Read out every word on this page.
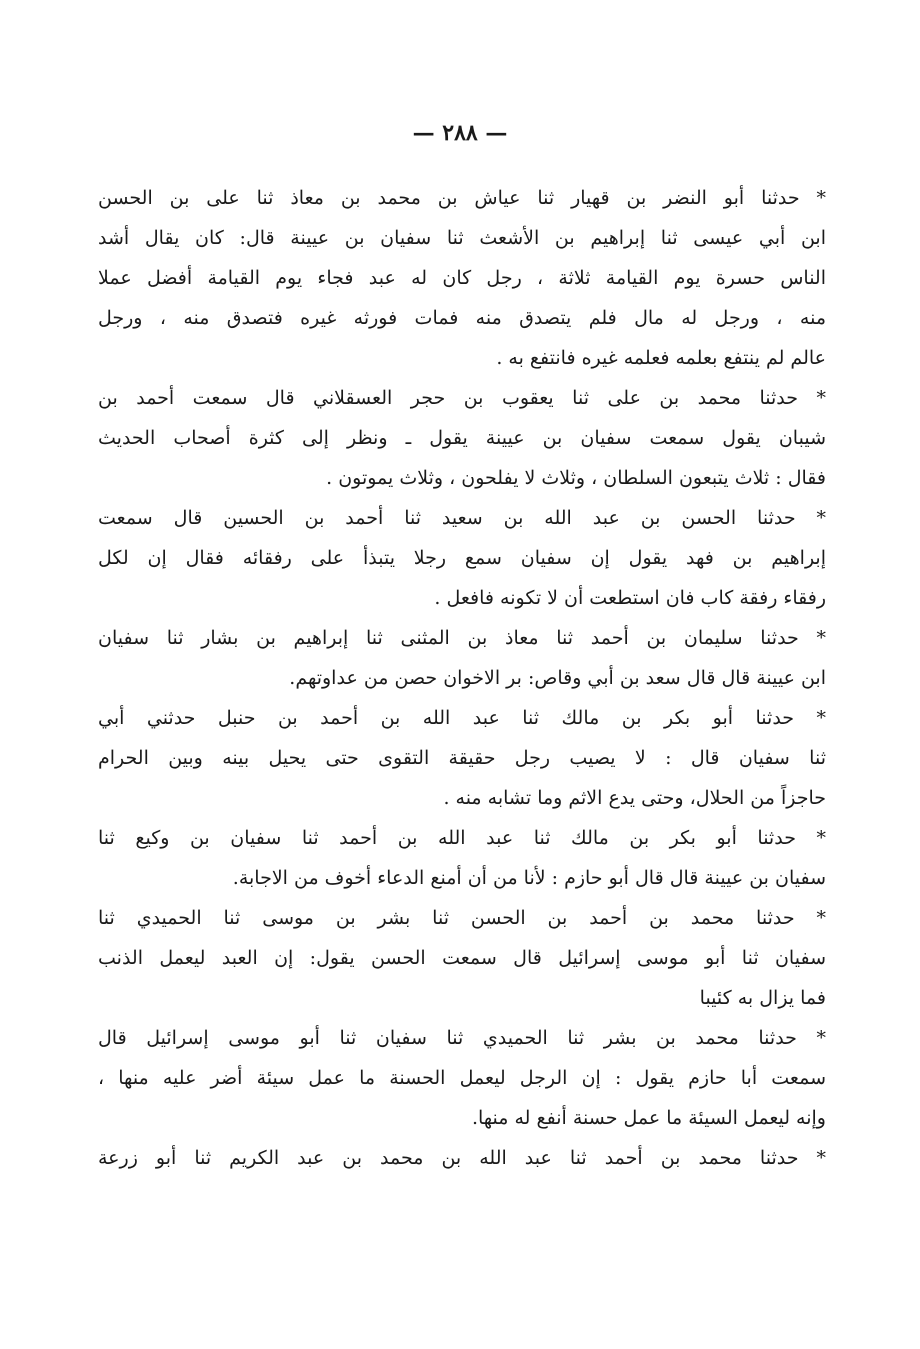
— ٢٨٨ —
* حدثنا أبو النضر بن قهيار ثنا عياش بن محمد بن معاذ ثنا على بن الحسن
ابن أبي عيسى ثنا إبراهيم بن الأشعث ثنا سفيان بن عيينة قال: كان يقال أشد
الناس حسرة يوم القيامة ثلاثة ، رجل كان له عبد فجاء يوم القيامة أفضل عملا
منه ، ورجل له مال فلم يتصدق منه فمات فورثه غيره فتصدق منه ، ورجل
عالم لم ينتفع بعلمه فعلمه غيره فانتفع به .
* حدثنا محمد بن على ثنا يعقوب بن حجر العسقلاني قال سمعت أحمد بن
شيبان يقول سمعت سفيان بن عيينة يقول ـ ونظر إلى كثرة أصحاب الحديث
فقال : ثلاث يتبعون السلطان ، وثلاث لا يفلحون ، وثلاث يموتون .
* حدثنا الحسن بن عبد الله بن سعيد ثنا أحمد بن الحسين قال سمعت
إبراهيم بن فهد يقول إن سفيان سمع رجلا يتبذأ على رفقائه فقال إن لكل
رفقاء رفقة كاب فان استطعت أن لا تكونه فافعل .
* حدثنا سليمان بن أحمد ثنا معاذ بن المثنى ثنا إبراهيم بن بشار ثنا سفيان
ابن عيينة قال قال سعد بن أبي وقاص: بر الاخوان حصن من عداوتهم.
* حدثنا أبو بكر بن مالك ثنا عبد الله بن أحمد بن حنبل حدثني أبي
ثنا سفيان قال : لا يصيب رجل حقيقة التقوى حتى يحيل بينه وبين الحرام
حاجزاً من الحلال، وحتى يدع الاثم وما تشابه منه .
* حدثنا أبو بكر بن مالك ثنا عبد الله بن أحمد ثنا سفيان بن وكيع ثنا
سفيان بن عيينة قال قال أبو حازم : لأنا من أن أمنع الدعاء أخوف من الاجابة.
* حدثنا محمد بن أحمد بن الحسن ثنا بشر بن موسى ثنا الحميدي ثنا
سفيان ثنا أبو موسى إسرائيل قال سمعت الحسن يقول: إن العبد ليعمل الذنب
فما يزال به كئيبا
* حدثنا محمد بن بشر ثنا الحميدي ثنا سفيان ثنا أبو موسى إسرائيل قال
سمعت أبا حازم يقول : إن الرجل ليعمل الحسنة ما عمل سيئة أضر عليه منها ،
وإنه ليعمل السيئة ما عمل حسنة أنفع له منها.
* حدثنا محمد بن أحمد ثنا عبد الله بن محمد بن عبد الكريم ثنا أبو زرعة
